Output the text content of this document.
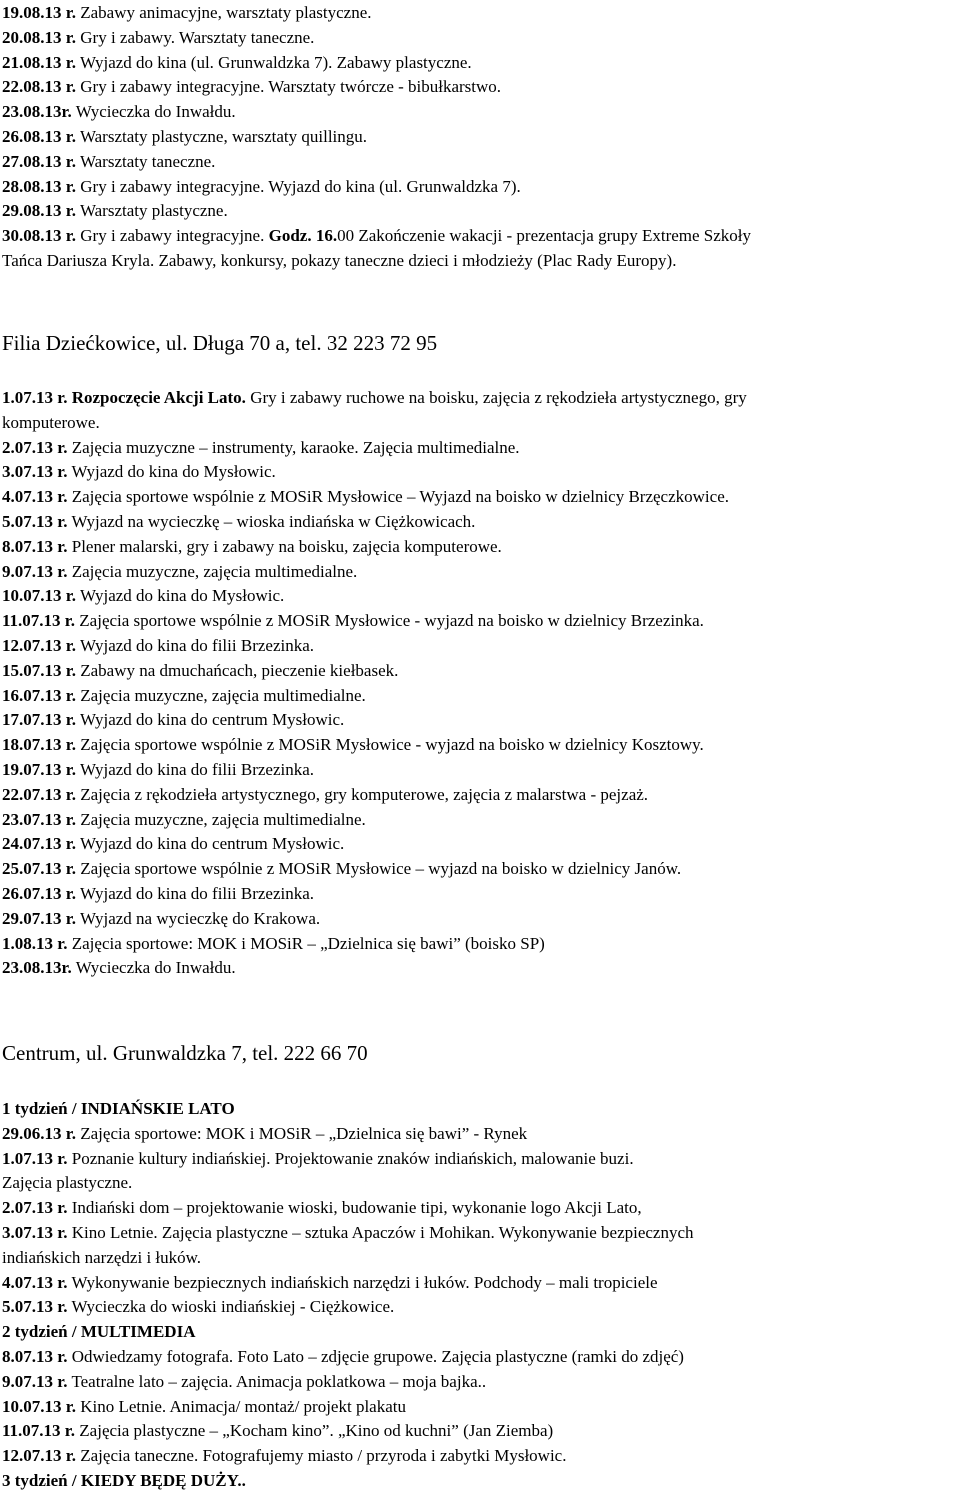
19.08.13 r. Zabawy animacyjne, warsztaty plastyczne.
20.08.13 r. Gry i zabawy. Warsztaty taneczne.
21.08.13 r. Wyjazd do kina (ul. Grunwaldzka 7). Zabawy plastyczne.
22.08.13 r. Gry i zabawy integracyjne. Warsztaty twórcze - bibułkarstwo.
23.08.13r. Wycieczka do Inwałdu.
26.08.13 r. Warsztaty plastyczne, warsztaty quillingu.
27.08.13 r. Warsztaty taneczne.
28.08.13 r. Gry i zabawy integracyjne. Wyjazd do kina (ul. Grunwaldzka 7).
29.08.13 r. Warsztaty plastyczne.
30.08.13 r. Gry i zabawy integracyjne. Godz. 16.00 Zakończenie wakacji - prezentacja grupy Extreme Szkoły
Tańca Dariusza Kryla. Zabawy, konkursy, pokazy taneczne dzieci i młodzieży (Plac Rady Europy).
Filia Dziećkowice, ul. Długa 70 a, tel. 32 223 72 95
1.07.13 r. Rozpoczęcie Akcji Lato. Gry i zabawy ruchowe na boisku, zajęcia z rękodzieła artystycznego, gry
komputerowe.
2.07.13 r. Zajęcia muzyczne – instrumenty, karaoke. Zajęcia multimedialne.
3.07.13 r. Wyjazd do kina do Mysłowic.
4.07.13 r. Zajęcia sportowe wspólnie z MOSiR Mysłowice – Wyjazd na boisko w dzielnicy Brzęczkowice.
5.07.13 r. Wyjazd na wycieczkę – wioska indiańska w Ciężkowicach.
8.07.13 r. Plener malarski, gry i zabawy na boisku, zajęcia komputerowe.
9.07.13 r. Zajęcia muzyczne, zajęcia multimedialne.
10.07.13 r. Wyjazd do kina do Mysłowic.
11.07.13 r. Zajęcia sportowe wspólnie z MOSiR Mysłowice - wyjazd na boisko w dzielnicy Brzezinka.
12.07.13 r. Wyjazd do kina do filii Brzezinka.
15.07.13 r. Zabawy na dmuchańcach, pieczenie kiełbasek.
16.07.13 r. Zajęcia muzyczne, zajęcia multimedialne.
17.07.13 r. Wyjazd do kina do centrum Mysłowic.
18.07.13 r. Zajęcia sportowe wspólnie z MOSiR Mysłowice - wyjazd na boisko w dzielnicy Kosztowy.
19.07.13 r. Wyjazd do kina do filii Brzezinka.
22.07.13 r. Zajęcia z rękodzieła artystycznego, gry komputerowe, zajęcia z malarstwa - pejzaż.
23.07.13 r. Zajęcia muzyczne, zajęcia multimedialne.
24.07.13 r. Wyjazd do kina do centrum Mysłowic.
25.07.13 r. Zajęcia sportowe wspólnie z MOSiR Mysłowice – wyjazd na boisko w dzielnicy Janów.
26.07.13 r. Wyjazd do kina do filii Brzezinka.
29.07.13 r. Wyjazd na wycieczkę do Krakowa.
1.08.13 r. Zajęcia sportowe: MOK i MOSiR – „Dzielnica się bawi” (boisko SP)
23.08.13r. Wycieczka do Inwałdu.
Centrum, ul. Grunwaldzka 7, tel. 222 66 70
1 tydzień / INDIAŃSKIE LATO
29.06.13 r. Zajęcia sportowe: MOK i MOSiR – „Dzielnica się bawi” - Rynek
1.07.13 r. Poznanie kultury indiańskiej. Projektowanie znaków indiańskich, malowanie buzi.
Zajęcia plastyczne.
2.07.13 r. Indiański dom – projektowanie wioski, budowanie tipi, wykonanie logo Akcji Lato,
3.07.13 r. Kino Letnie. Zajęcia plastyczne – sztuka Apaczów i Mohikan. Wykonywanie bezpiecznych
indiańskich narzędzi i łuków.
4.07.13 r. Wykonywanie bezpiecznych indiańskich narzędzi i łuków. Podchody – mali tropiciele
5.07.13 r. Wycieczka do wioski indiańskiej - Ciężkowice.
2 tydzień / MULTIMEDIA
8.07.13 r. Odwiedzamy fotografa. Foto Lato – zdjęcie grupowe. Zajęcia plastyczne (ramki do zdjęć)
9.07.13 r. Teatralne lato – zajęcia. Animacja poklatkowa – moja bajka..
10.07.13 r. Kino Letnie. Animacja/ montaż/ projekt plakatu
11.07.13 r. Zajęcia plastyczne – „Kocham kino”. „Kino od kuchni” (Jan Ziemba)
12.07.13 r. Zajęcia taneczne. Fotografujemy miasto / przyroda i zabytki Mysłowic.
3 tydzień / KIEDY BĘDĘ DUŻY..
